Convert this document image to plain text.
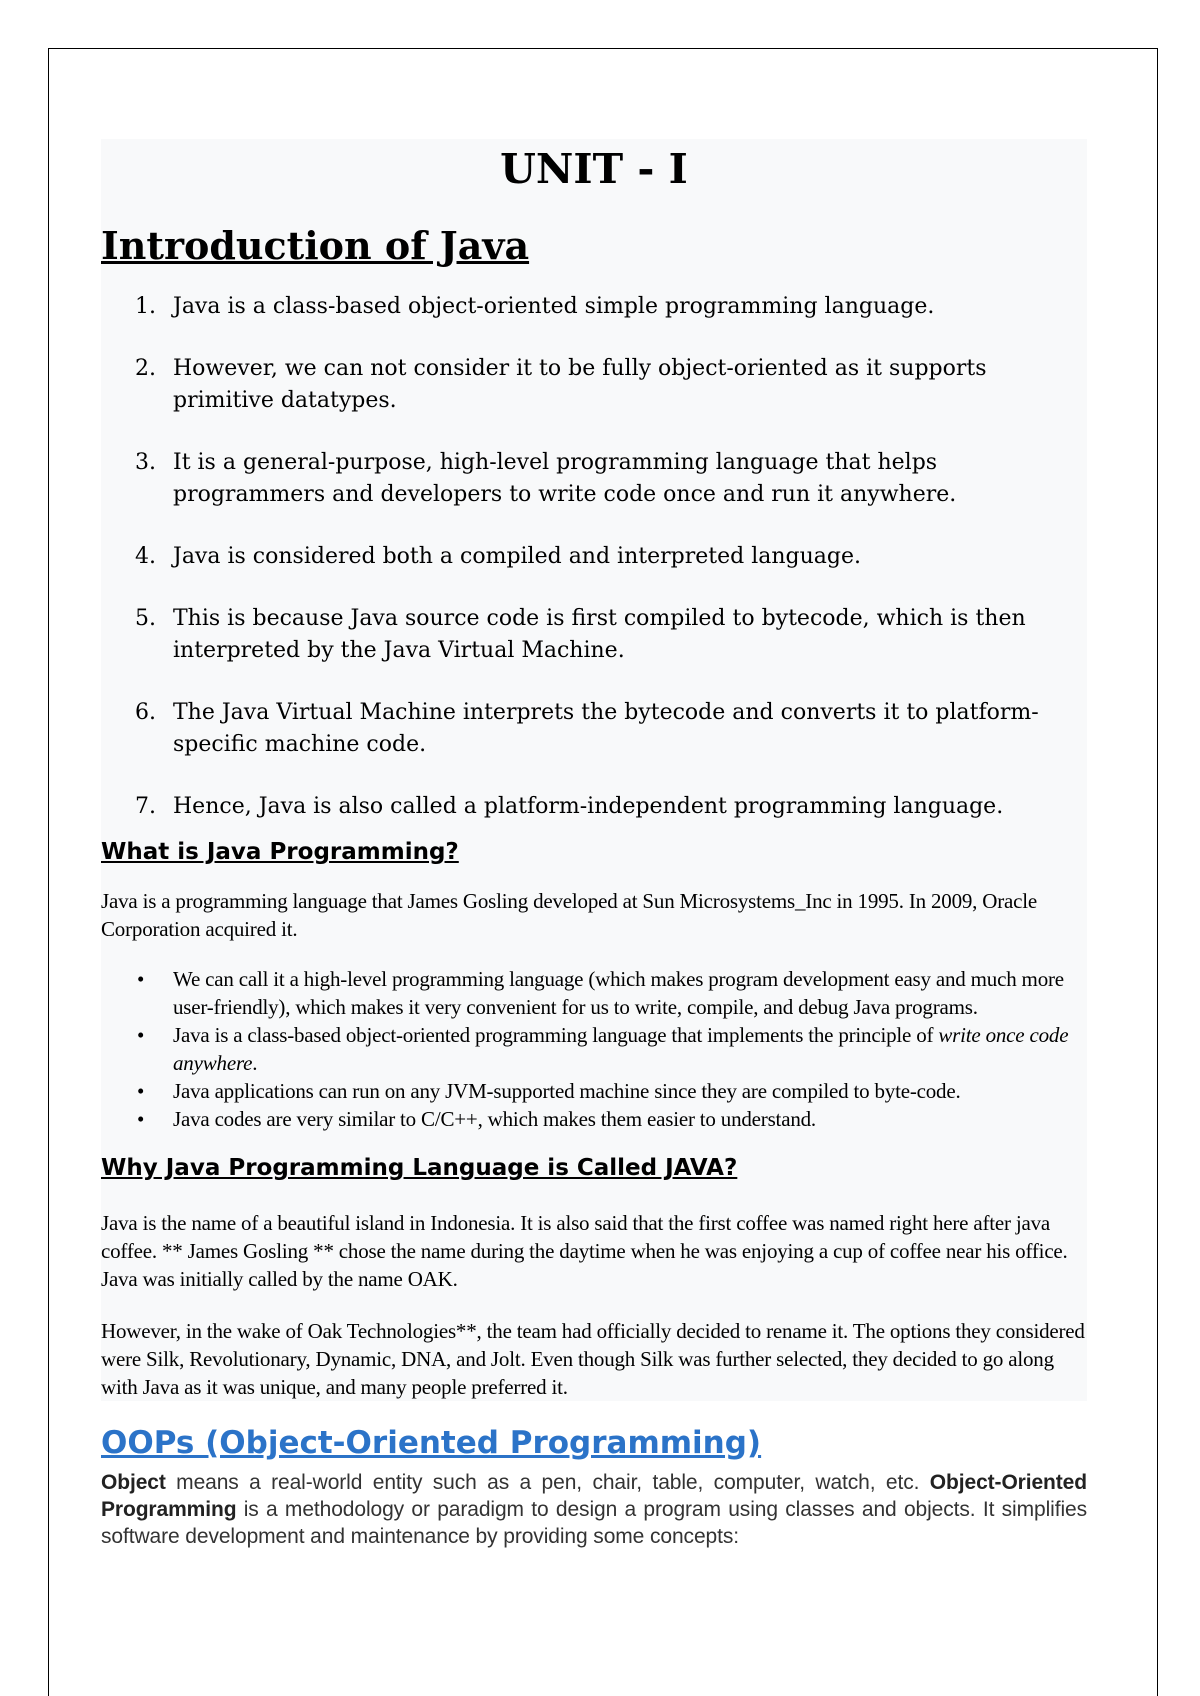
UNIT - I
Introduction of Java
1. Java is a class-based object-oriented simple programming language.
2. However, we can not consider it to be fully object-oriented as it supports primitive datatypes.
3. It is a general-purpose, high-level programming language that helps programmers and developers to write code once and run it anywhere.
4. Java is considered both a compiled and interpreted language.
5. This is because Java source code is first compiled to bytecode, which is then interpreted by the Java Virtual Machine.
6. The Java Virtual Machine interprets the bytecode and converts it to platform-specific machine code.
7. Hence, Java is also called a platform-independent programming language.
What is Java Programming?

Java is a programming language that James Gosling developed at Sun Microsystems_Inc in 1995. In 2009, Oracle Corporation acquired it.

• We can call it a high-level programming language (which makes program development easy and much more user-friendly), which makes it very convenient for us to write, compile, and debug Java programs.
• Java is a class-based object-oriented programming language that implements the principle of write once code anywhere.
• Java applications can run on any JVM-supported machine since they are compiled to byte-code.
• Java codes are very similar to C/C++, which makes them easier to understand.
Why Java Programming Language is Called JAVA?

Java is the name of a beautiful island in Indonesia. It is also said that the first coffee was named right here after java coffee. ** James Gosling ** chose the name during the daytime when he was enjoying a cup of coffee near his office. Java was initially called by the name OAK.

However, in the wake of Oak Technologies**, the team had officially decided to rename it. The options they considered were Silk, Revolutionary, Dynamic, DNA, and Jolt. Even though Silk was further selected, they decided to go along with Java as it was unique, and many people preferred it.

OOPs (Object-Oriented Programming)

Object means a real-world entity such as a pen, chair, table, computer, watch, etc. Object-Oriented Programming is a methodology or paradigm to design a program using classes and objects. It simplifies software development and maintenance by providing some concepts:
